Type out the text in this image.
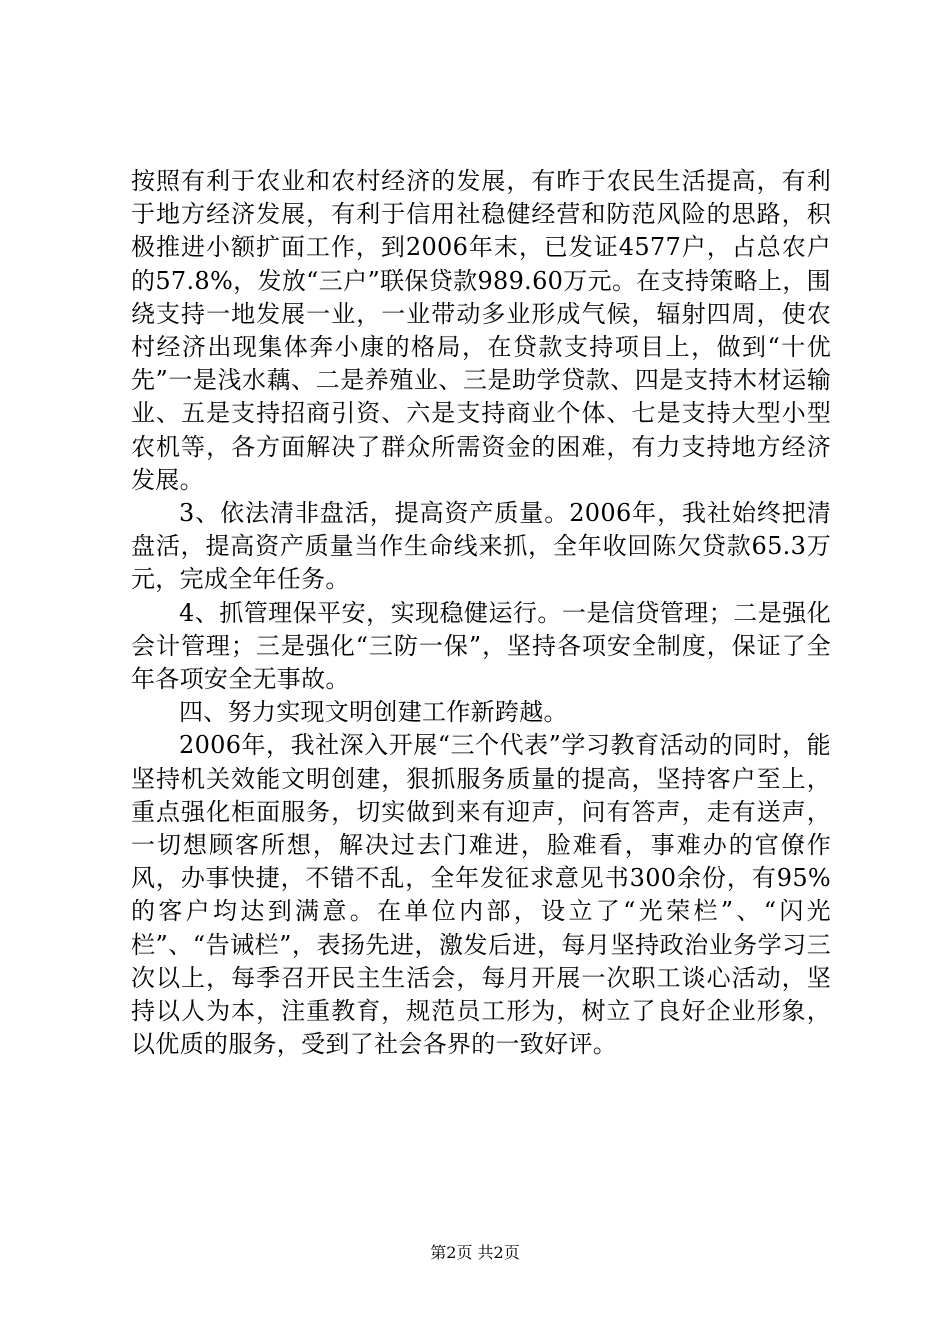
按照有利于农业和农村经济的发展，有昨于农民生活提高，有利于地方经济发展，有利于信用社稳健经营和防范风险的思路，积极推进小额扩面工作，到2006年末，已发证4577户，占总农户的57.8%，发放“三户”联保贷款989.60万元。在支持策略上，围绕支持一地发展一业，一业带动多业形成气候，辐射四周，使农村经济出现集体奔小康的格局，在贷款支持项目上，做到“十优先”一是浅水藕、二是养殖业、三是助学贷款、四是支持木材运输业、五是支持招商引资、六是支持商业个体、七是支持大型小型农机等，各方面解决了群众所需资金的困难，有力支持地方经济发展。

3、依法清非盘活，提高资产质量。2006年，我社始终把清盘活，提高资产质量当作生命线来抓，全年收回陈欠贷款65.3万元，完成全年任务。

4、抓管理保平安，实现稳健运行。一是信贷管理；二是强化会计管理；三是强化“三防一保”，坚持各项安全制度，保证了全年各项安全无事故。

四、努力实现文明创建工作新跨越。

2006年，我社深入开展“三个代表”学习教育活动的同时，能坚持机关效能文明创建，狠抓服务质量的提高，坚持客户至上，重点强化柜面服务，切实做到来有迎声，问有答声，走有送声，一切想顾客所想，解决过去门难进，脸难看，事难办的官僚作风，办事快捷，不错不乱，全年发征求意见书300余份，有95%的客户均达到满意。在单位内部，设立了“光荣栏”、“闪光栏”、“告诫栏”，表扬先进，激发后进，每月坚持政治业务学习三次以上，每季召开民主生活会，每月开展一次职工谈心活动，坚持以人为本，注重教育，规范员工形为，树立了良好企业形象，以优质的服务，受到了社会各界的一致好评。

第2页 共2页
